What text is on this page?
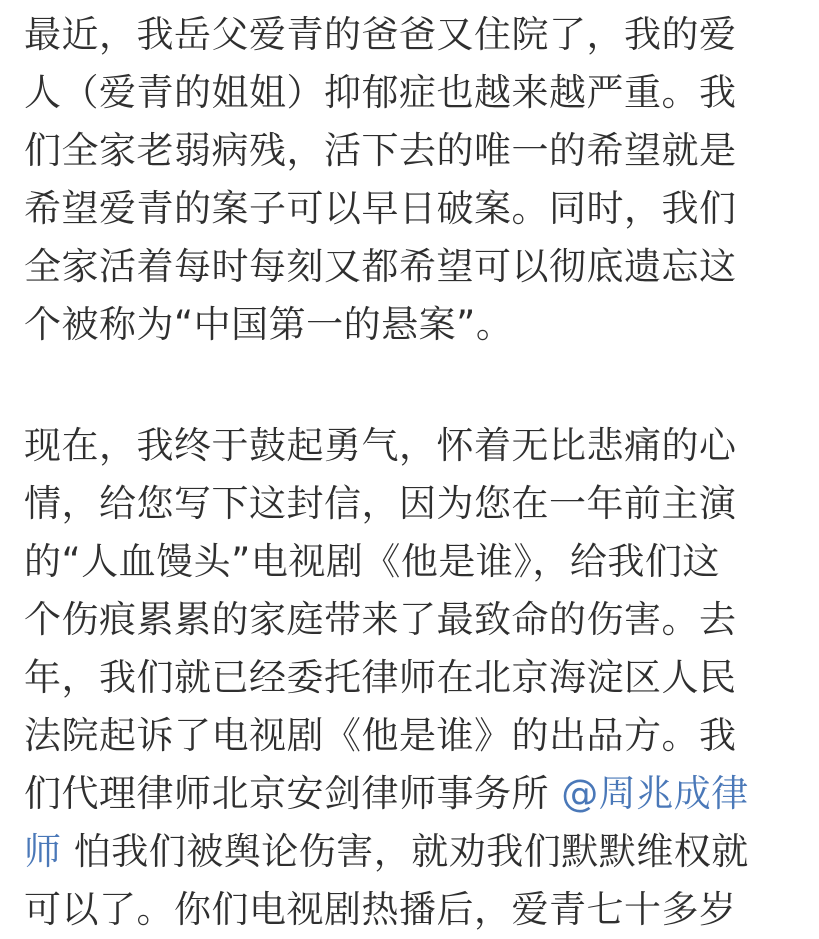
最近，我岳父爱青的爸爸又住院了，我的爱
人（爱青的姐姐）抑郁症也越来越严重。我
们全家老弱病残，活下去的唯一的希望就是
希望爱青的案子可以早日破案。同时，我们
全家活着每时每刻又都希望可以彻底遗忘这
个被称为“中国第一的悬案”。

现在，我终于鼓起勇气，怀着无比悲痛的心
情，给您写下这封信，因为您在一年前主演
的“人血馒头”电视剧《他是谁》，给我们这
个伤痕累累的家庭带来了最致命的伤害。去
年，我们就已经委托律师在北京海淀区人民
法院起诉了电视剧《他是谁》的出品方。我
们代理律师北京安剑律师事务所 @周兆成律
师 怕我们被舆论伤害，就劝我们默默维权就
可以了。你们电视剧热播后，爱青七十多岁
